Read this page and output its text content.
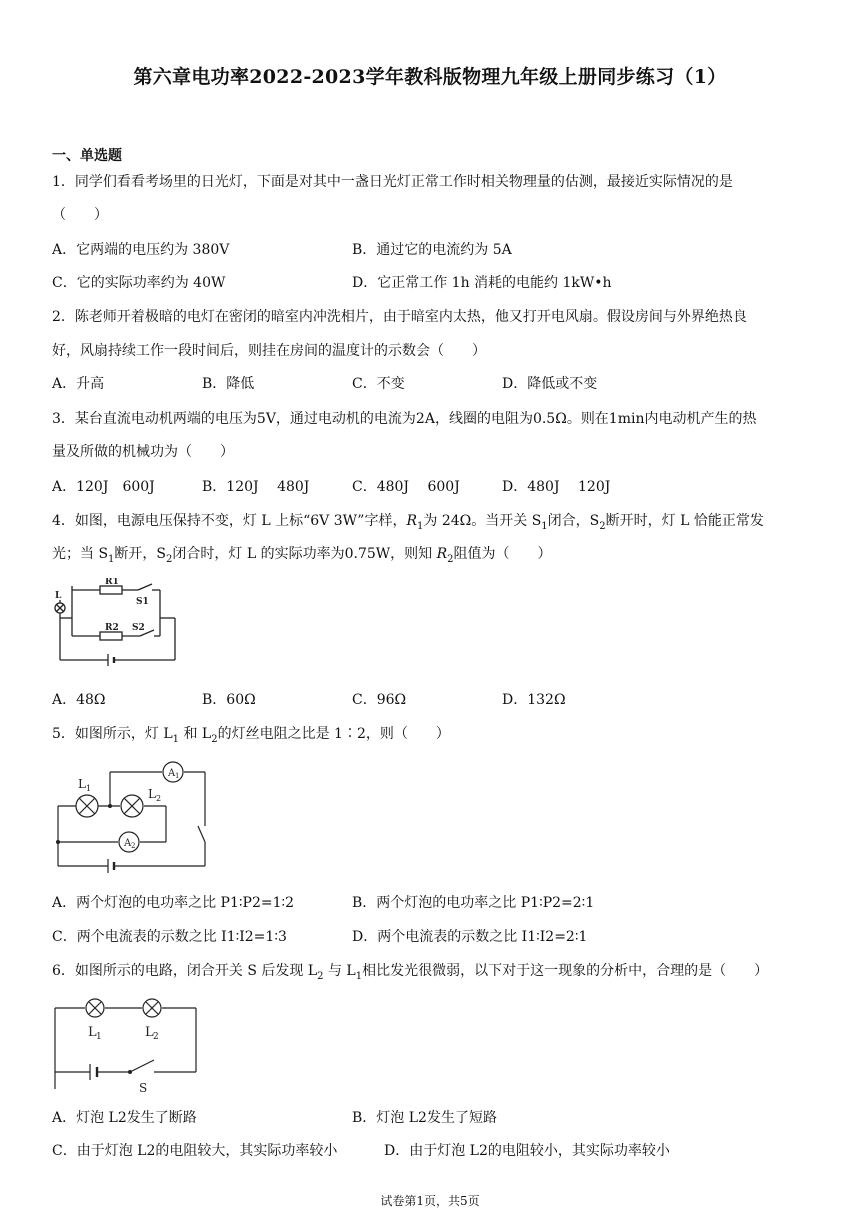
第六章电功率2022-2023学年教科版物理九年级上册同步练习（1）
一、单选题
1．同学们看看考场里的日光灯，下面是对其中一盏日光灯正常工作时相关物理量的估测，最接近实际情况的是
（　　）
A．它两端的电压约为 380V	B．通过它的电流约为 5A
C．它的实际功率约为 40W	D．它正常工作 1h 消耗的电能约 1kW•h
2．陈老师开着极暗的电灯在密闭的暗室内冲洗相片，由于暗室内太热，他又打开电风扇。假设房间与外界绝热良
好，风扇持续工作一段时间后，则挂在房间的温度计的示数会（　　）
A．升高	B．降低	C．不变	D．降低或不变
3．某台直流电动机两端的电压为5V，通过电动机的电流为2A，线圈的电阻为0.5Ω。则在1min内电动机产生的热
量及所做的机械功为（　　）
A．120J　600J	B．120J　 480J	C．480J　 600J	D．480J　 120J
4．如图，电源电压保持不变，灯 L 上标“6V 3W”字样，$R_1$为 24Ω。当开关 $S_1$闭合，$S_2$断开时，灯 L 恰能正常发
光；当 $S_1$断开，$S_2$闭合时，灯 L 的实际功率为0.75W，则知 $R_2$阻值为（　　）
L
R1
S1
R2 S2
A．48Ω	B．60Ω	C．96Ω	D．132Ω
5．如图所示，灯 $L_1$ 和 $L_2$的灯丝电阻之比是 1∶2，则（　　）
L 1	L 2
A 1
A 2
A．两个灯泡的电功率之比 P1∶P2=1∶2	B．两个灯泡的电功率之比 P1∶P2=2∶1
C．两个电流表的示数之比 I1∶I2=1∶3	D．两个电流表的示数之比 I1∶I2=2∶1
6．如图所示的电路，闭合开关 S 后发现 $L_2$ 与 $L_1$相比发光很微弱，以下对于这一现象的分析中，合理的是（　　）
L 1	L 2
S
A．灯泡 L2发生了断路	B．灯泡 L2发生了短路
C．由于灯泡 L2的电阻较大，其实际功率较小	D．由于灯泡 L2的电阻较小，其实际功率较小
试卷第1页，共5页
